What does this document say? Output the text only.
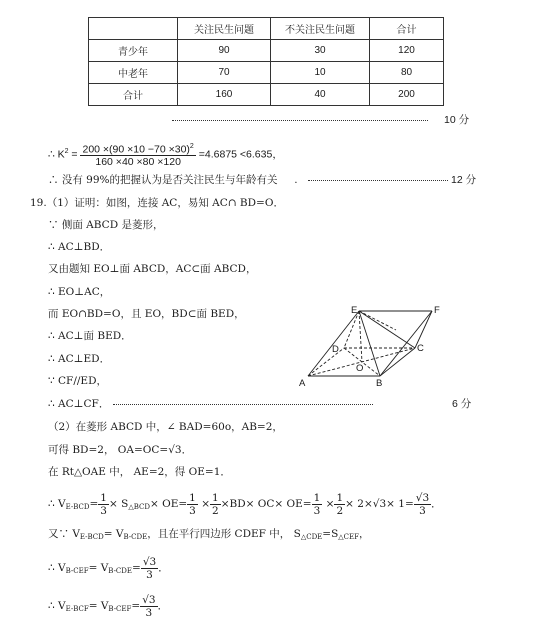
	关注民生问题	不关注民生问题	合计
青少年	90	30	120
中老年	70	10	80
合计	160	40	200
10 分
∴ $K^2 = \frac{200 \times(90 \times 10 -70 \times 30)^2}{160 \times 40 \times 80 \times 120} =4.6875 <6.635$，
∴ 没有 99%的把握认为是否关注民生与年龄有关     .	12 分
19.（1）证明：如图，连接 AC，易知 AC∩ BD=O．
∵ 侧面 ABCD 是菱形，
∴ AC⊥BD．
又由题知 EO⊥面 ABCD，AC⊂面 ABCD，
∴ EO⊥AC，
而 EO∩BD=O，且 EO，BD⊂面 BED，
∴ AC⊥面 BED．
∴ AC⊥ED．
∵ CF//ED，
∴ AC⊥CF．	6 分
A	B
C
D
E	F
O
（2）在菱形 ABCD 中，∠ BAD=60o，AB=2，
可得 BD=2， OA=OC=√3．
在 Rt△OAE 中， AE=2，得 OE=1．
∴ $V_{E-BCD}= \frac{1}{3} \times S_{\triangle BCD}\times OE= \frac{1}{3} \times \frac{1}{2} \times BD\times OC\times OE= \frac{1}{3} \times \frac{1}{2} \times 2\times√3\times 1= \frac{√3}{3}$ ．
又∵ $V_{E-BCD}= V_{B-CDE}$，且在平行四边形 CDEF 中， $S_{\triangle CDE}=S_{\triangle CEF}$，
∴ $V_{B-CEF}= V_{B-CDE}= \frac{√3}{3}$ ．
∴ $V_{E-BCF}= V_{B-CEF}= \frac{√3}{3}$ ．
